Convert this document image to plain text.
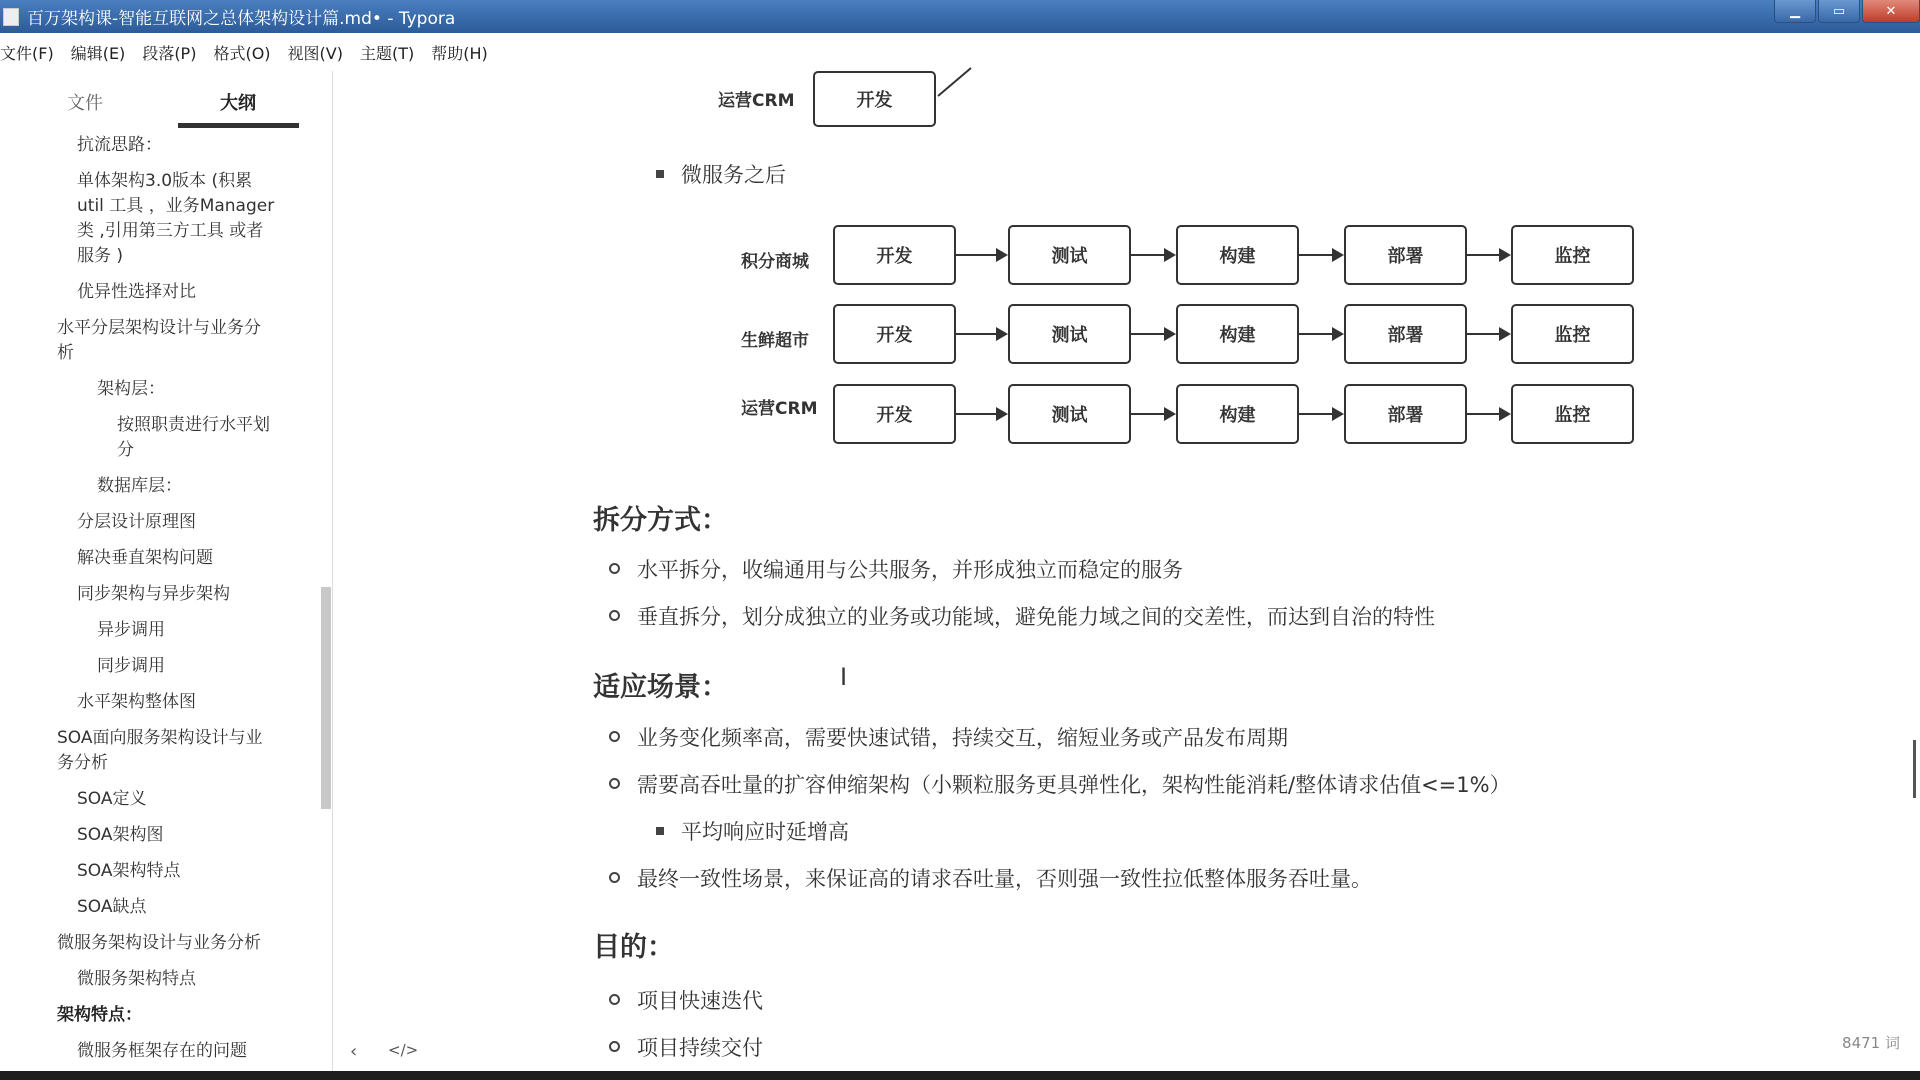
百万架构课-智能互联网之总体架构设计篇.md• - Typora	▁	▭	✕
文件(F)	编辑(E)	段落(P)	格式(O)	视图(V)	主题(T)	帮助(H)
文件	大纲
抗流思路：
单体架构3.0版本 (积累util 工具 ，业务Manager类 ,引用第三方工具 或者服务 )
优异性选择对比
水平分层架构设计与业务分析
架构层：
按照职责进行水平划分
数据库层：
分层设计原理图
解决垂直架构问题
同步架构与异步架构
异步调用
同步调用
水平架构整体图
SOA面向服务架构设计与业务分析
SOA定义
SOA架构图
SOA架构特点
SOA缺点
微服务架构设计与业务分析
微服务架构特点
架构特点：
微服务框架存在的问题
运营CRM	开发
微服务之后
积分商城	开发	测试	构建	部署	监控
生鲜超市	开发	测试	构建	部署	监控
运营CRM	开发	测试	构建	部署	监控
拆分方式：
水平拆分，收编通用与公共服务，并形成独立而稳定的服务
垂直拆分，划分成独立的业务或功能域，避免能力域之间的交差性，而达到自治的特性
适应场景：
业务变化频率高，需要快速试错，持续交互，缩短业务或产品发布周期
需要高吞吐量的扩容伸缩架构（小颗粒服务更具弹性化，架构性能消耗/整体请求估值<=1%）
平均响应时延增高
最终一致性场景，来保证高的请求吞吐量，否则强一致性拉低整体服务吞吐量。
目的：
项目快速迭代
项目持续交付
I
‹ </>	8471 词
